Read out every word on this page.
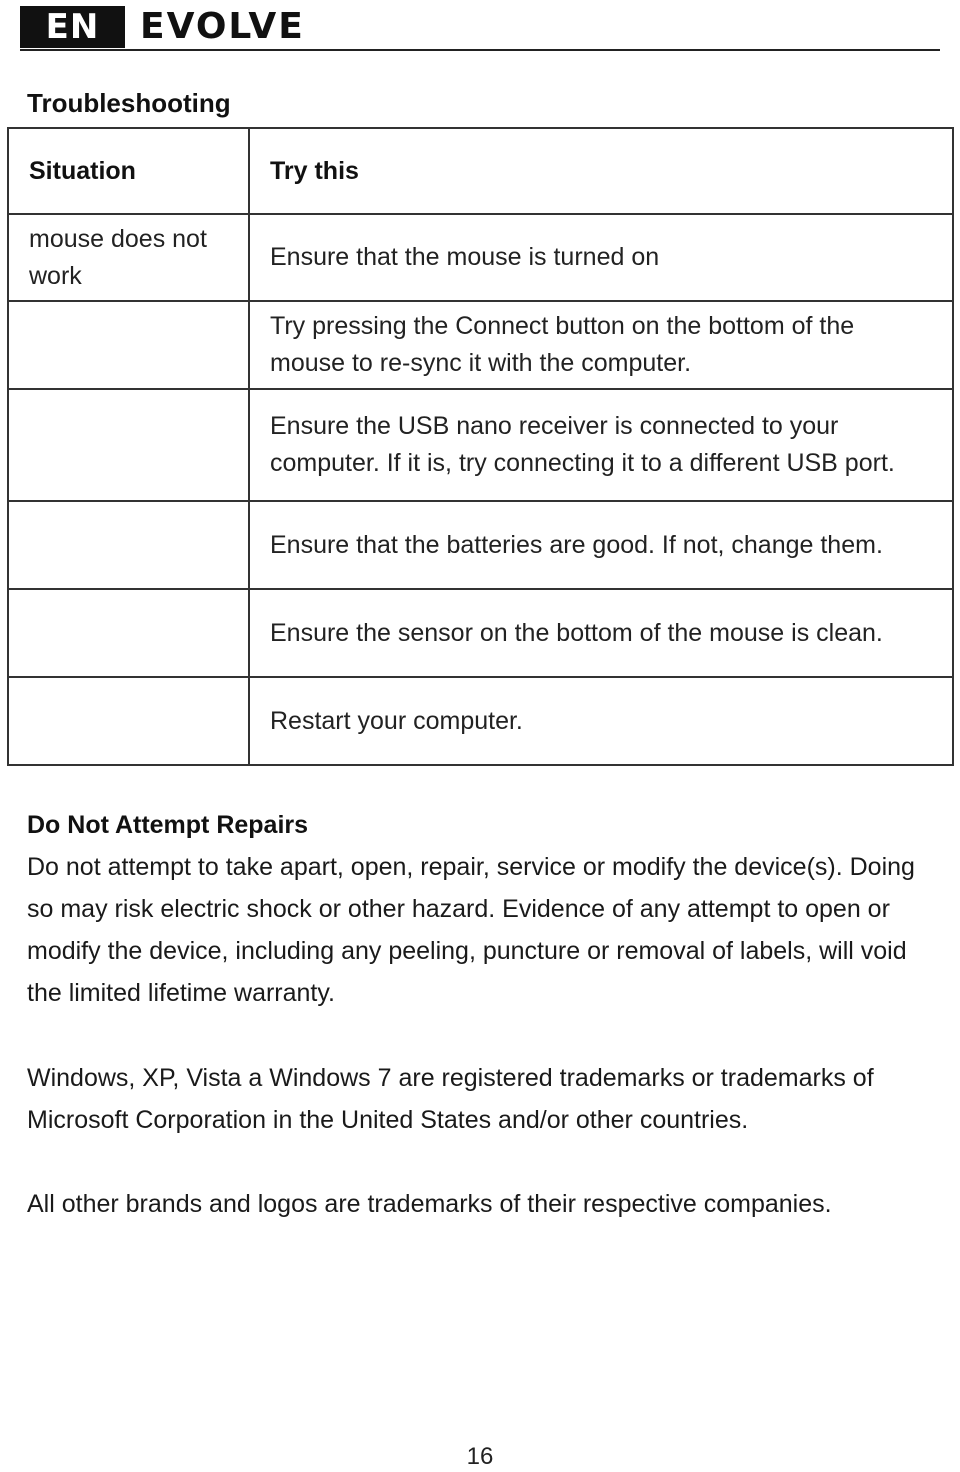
EN	EVOLVE
Troubleshooting
Situation	Try this

mouse does not work	Ensure that the mouse is turned on
	Try pressing the Connect button on the bottom of the mouse to re-sync it with the computer.
	Ensure the USB nano receiver is connected to your computer. If it is, try connecting it to a different USB port.
	Ensure that the batteries are good. If not, change them.
	Ensure the sensor on the bottom of the mouse is clean.
	Restart your computer.
Do Not Attempt Repairs

Do not attempt to take apart, open, repair, service or modify the device(s). Doing so may risk electric shock or other hazard. Evidence of any attempt to open or modify the device, including any peeling, puncture or removal of labels, will void the limited lifetime warranty.

Windows, XP, Vista a Windows 7 are registered trademarks or trademarks of Microsoft Corporation in the United States and/or other countries.

All other brands and logos are trademarks of their respective companies.

16
